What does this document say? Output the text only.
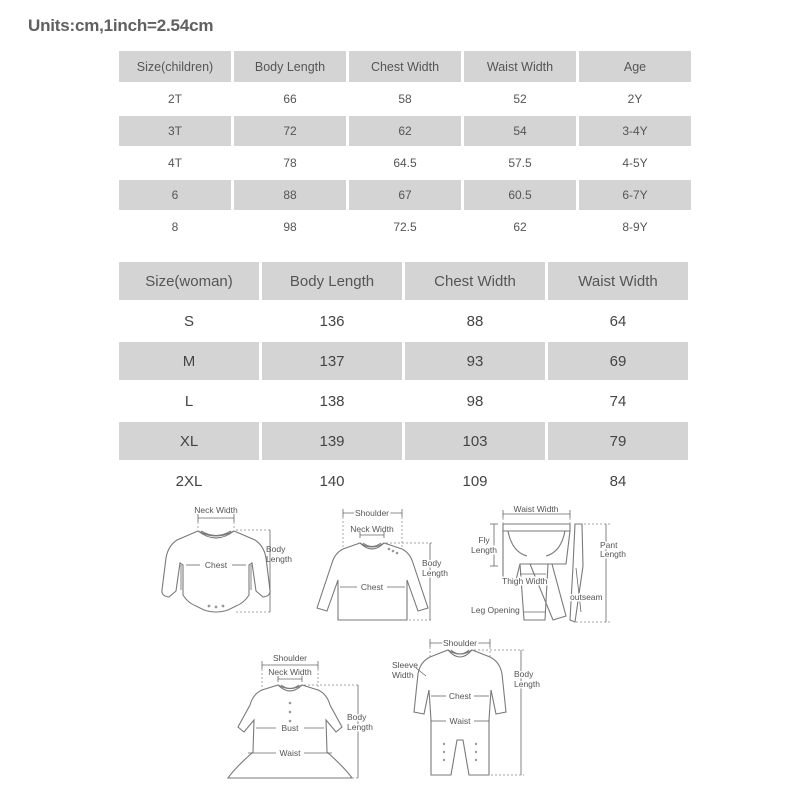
Units:cm,1inch=2.54cm
Size(children)	Body Length	Chest Width	Waist Width	Age
2T	66	58	52	2Y
3T	72	62	54	3-4Y
4T	78	64.5	57.5	4-5Y
6	88	67	60.5	6-7Y
8	98	72.5	62	8-9Y
Size(woman)	Body Length	Chest Width	Waist Width
S	136	88	64
M	137	93	69
L	138	98	74
XL	139	103	79
2XL	140	109	84
Neck Width
Chest
Body
Length
Shoulder
Neck Width
Chest
Body
Length
Waist Width
Fly
Length	Pant
Length
Thigh Width
outseam
Leg Opening
Shoulder
Neck Width
Bust
Waist
Body
Length
Shoulder
Sleeve
Width
Chest
Waist
Body
Length
